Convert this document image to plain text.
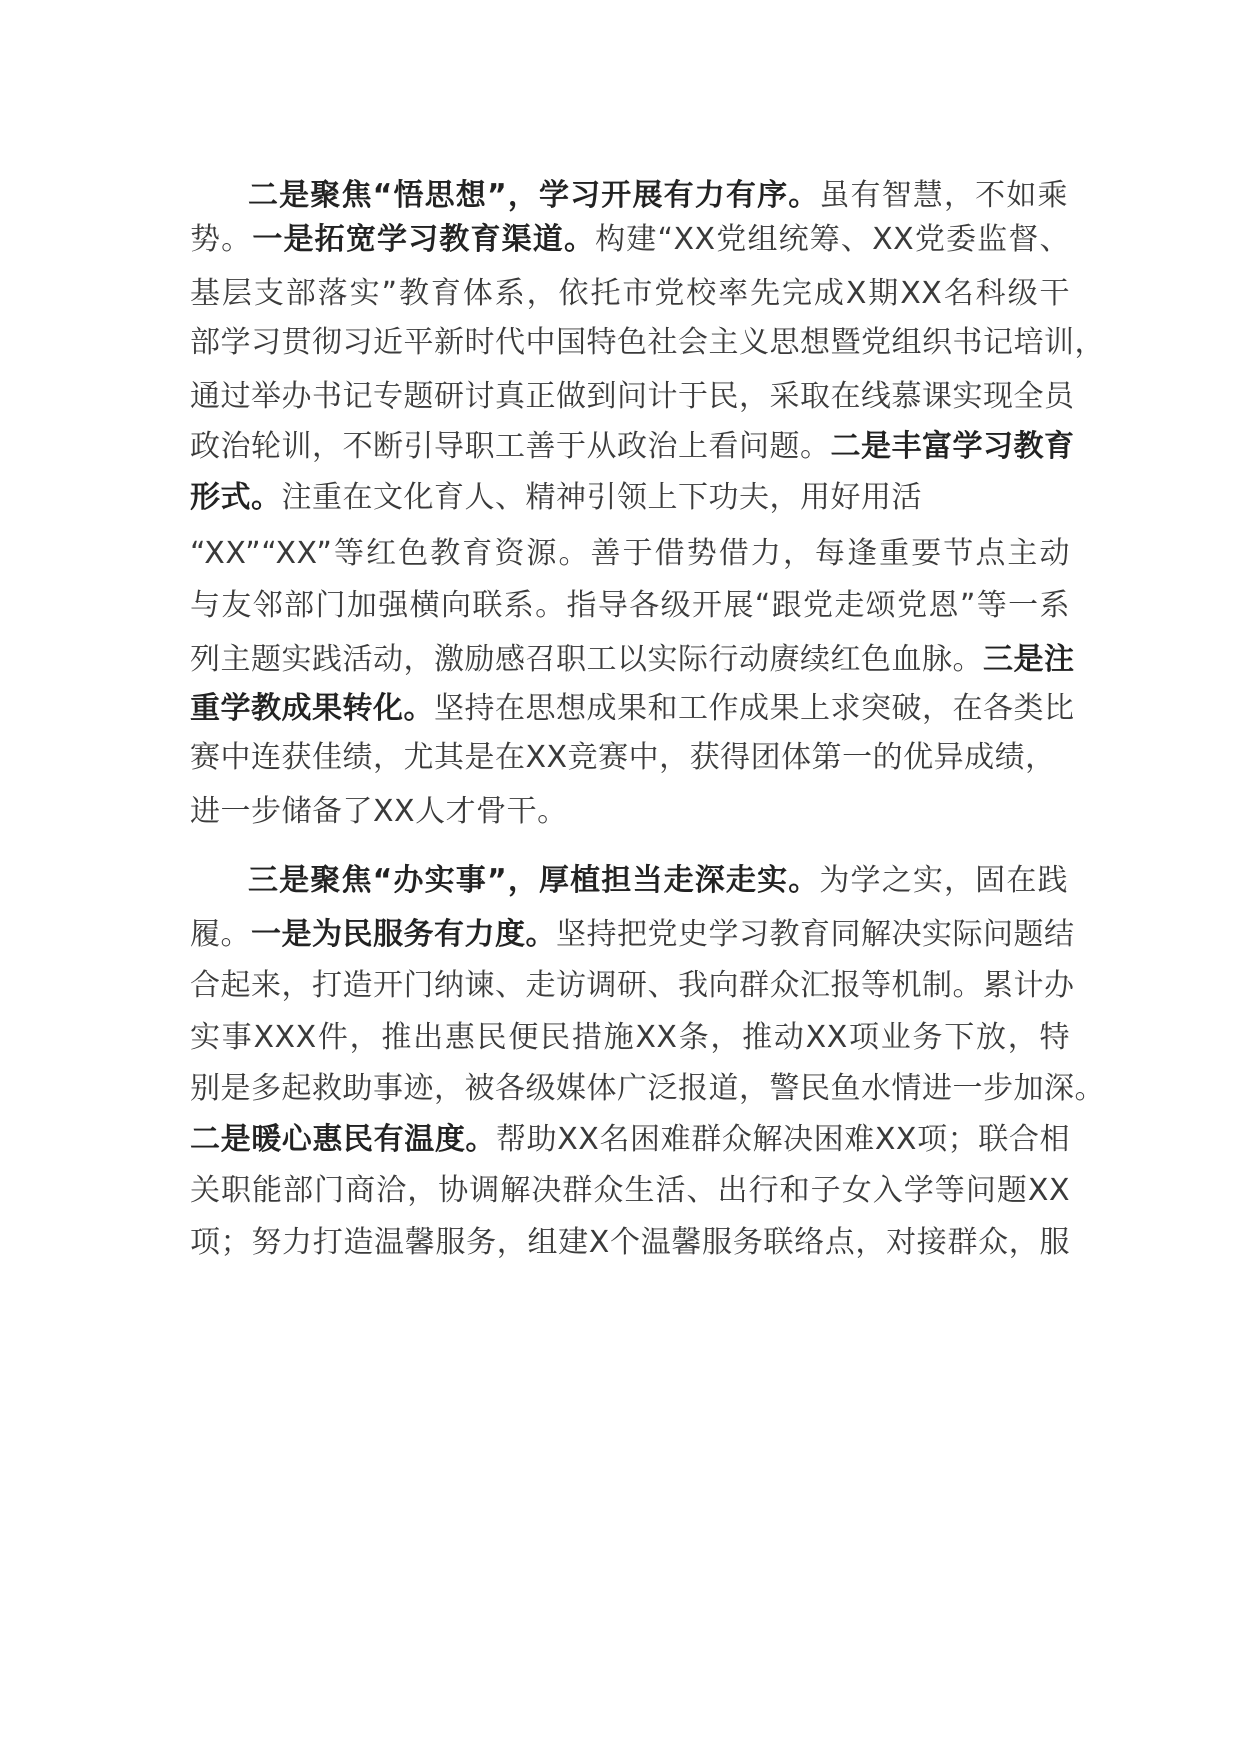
二是聚焦“悟思想”，学习开展有力有序。虽有智慧，不如乘
势。一是拓宽学习教育渠道。构建“XX党组统筹、XX党委监督、
基层支部落实”教育体系，依托市党校率先完成X期XX名科级干
部学习贯彻习近平新时代中国特色社会主义思想暨党组织书记培训，
通过举办书记专题研讨真正做到问计于民，采取在线慕课实现全员
政治轮训，不断引导职工善于从政治上看问题。二是丰富学习教育
形式。注重在文化育人、精神引领上下功夫，用好用活
“XX”“XX”等红色教育资源。善于借势借力，每逢重要节点主动
与友邻部门加强横向联系。指导各级开展“跟党走颂党恩”等一系
列主题实践活动，激励感召职工以实际行动赓续红色血脉。三是注
重学教成果转化。坚持在思想成果和工作成果上求突破，在各类比
赛中连获佳绩，尤其是在XX竞赛中，获得团体第一的优异成绩，
进一步储备了XX人才骨干。
三是聚焦“办实事”，厚植担当走深走实。为学之实，固在践
履。一是为民服务有力度。坚持把党史学习教育同解决实际问题结
合起来，打造开门纳谏、走访调研、我向群众汇报等机制。累计办
实事XXX件，推出惠民便民措施XX条，推动XX项业务下放，特
别是多起救助事迹，被各级媒体广泛报道，警民鱼水情进一步加深。
二是暖心惠民有温度。帮助XX名困难群众解决困难XX项；联合相
关职能部门商洽，协调解决群众生活、出行和子女入学等问题XX
项；努力打造温馨服务，组建X个温馨服务联络点，对接群众，服
